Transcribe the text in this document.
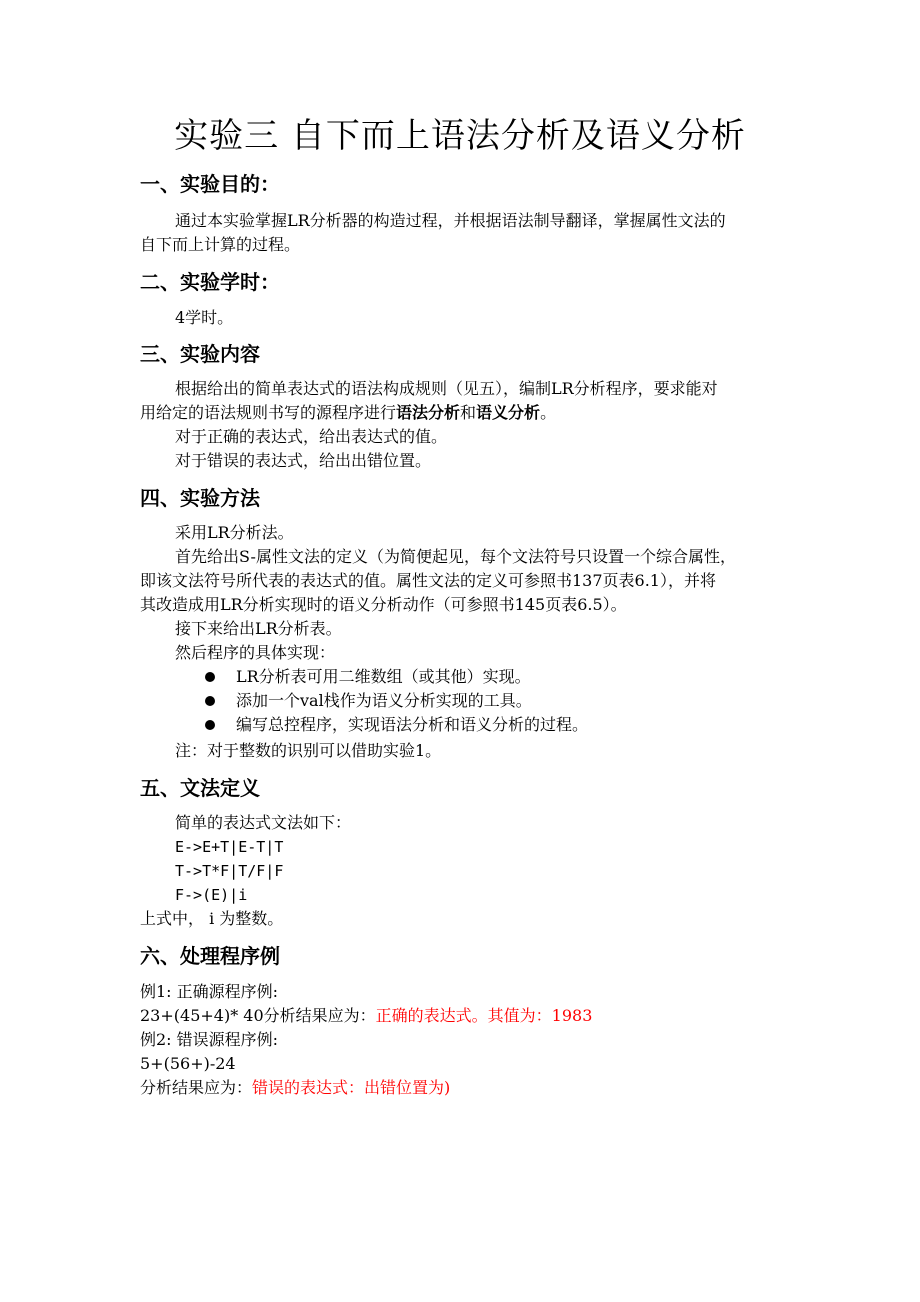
实验三 自下而上语法分析及语义分析
一、实验目的：
通过本实验掌握LR分析器的构造过程，并根据语法制导翻译，掌握属性文法的
自下而上计算的过程。
二、实验学时：
4学时。
三、实验内容
根据给出的简单表达式的语法构成规则（见五），编制LR分析程序，要求能对
用给定的语法规则书写的源程序进行语法分析和语义分析。
对于正确的表达式，给出表达式的值。
对于错误的表达式，给出出错位置。
四、实验方法
采用LR分析法。
首先给出S-属性文法的定义（为简便起见，每个文法符号只设置一个综合属性，
即该文法符号所代表的表达式的值。属性文法的定义可参照书137页表6.1），并将
其改造成用LR分析实现时的语义分析动作（可参照书145页表6.5）。
接下来给出LR分析表。
然后程序的具体实现：
LR分析表可用二维数组（或其他）实现。
添加一个val栈作为语义分析实现的工具。
编写总控程序，实现语法分析和语义分析的过程。
注：对于整数的识别可以借助实验1。
五、文法定义
简单的表达式文法如下：
E->E+T|E-T|T
T->T*F|T/F|F
F->(E)|i
上式中， i 为整数。
六、处理程序例
例1: 正确源程序例:
23+(45+4)* 40分析结果应为：正确的表达式。其值为：1983
例2: 错误源程序例:
5+(56+)-24
分析结果应为：错误的表达式：出错位置为)
